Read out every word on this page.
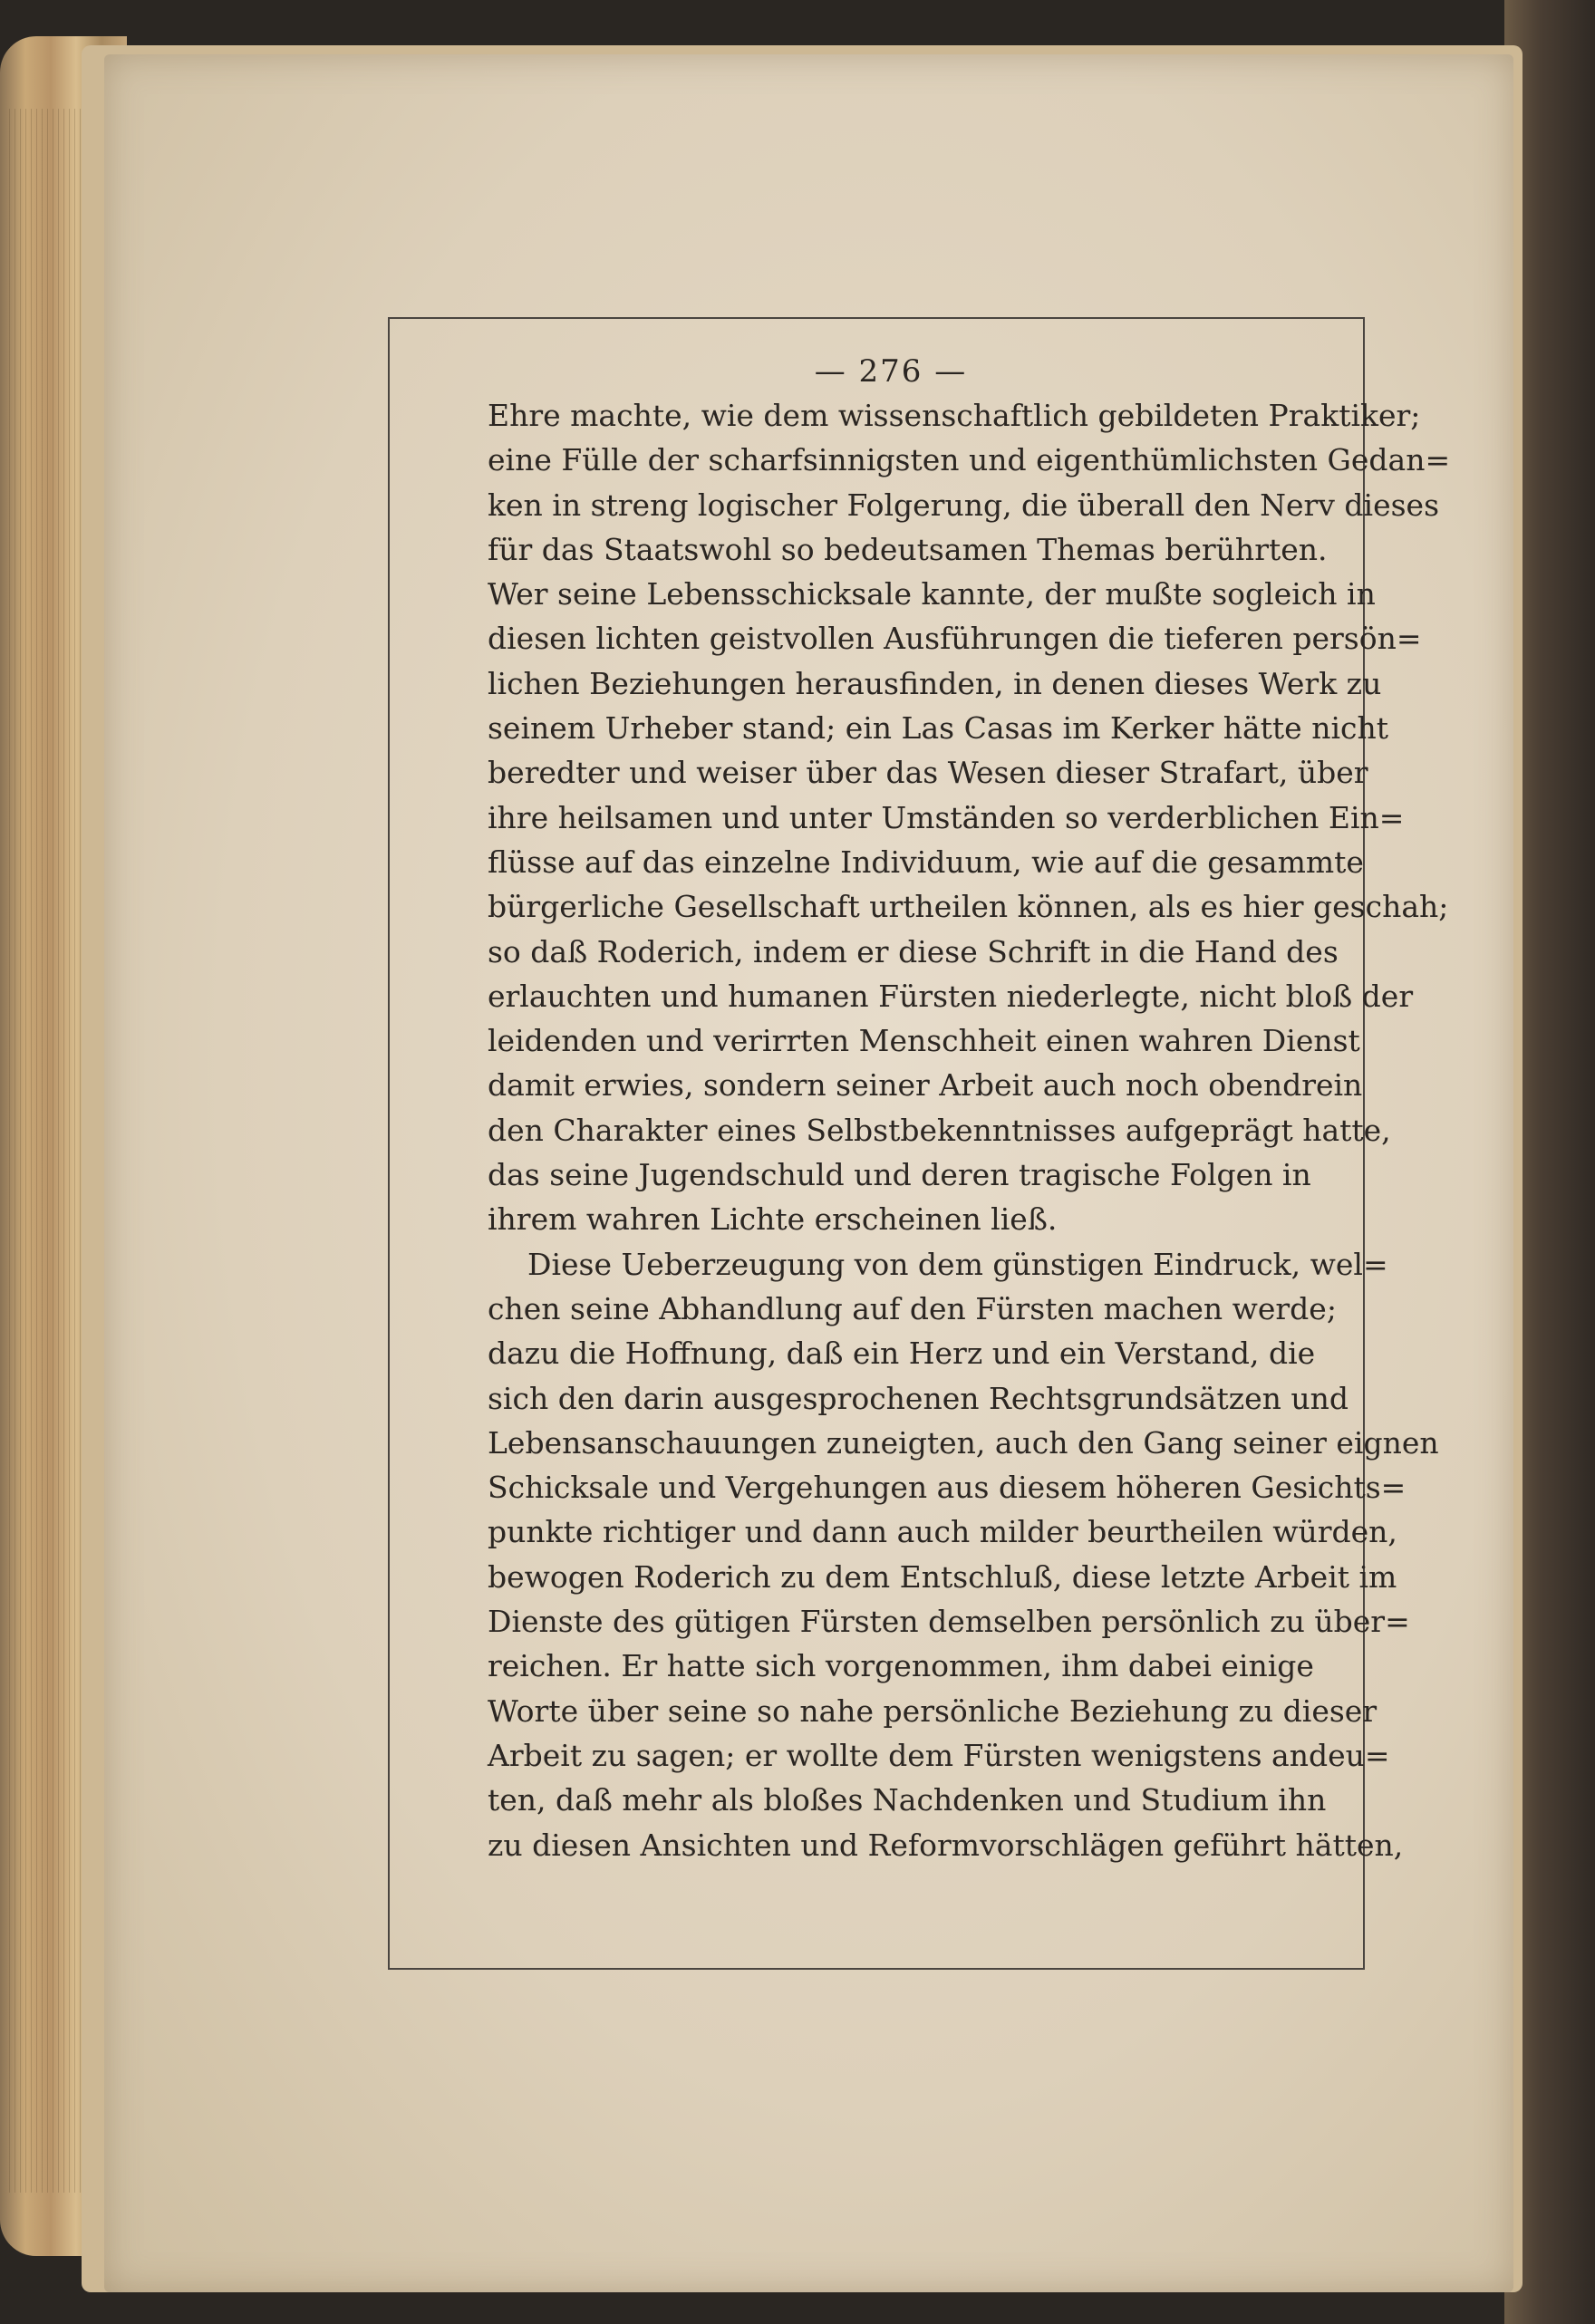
— 276 —
Ehre machte, wie dem wissenschaftlich gebildeten Praktiker;
eine Fülle der scharfsinnigsten und eigenthümlichsten Gedan=
ken in streng logischer Folgerung, die überall den Nerv dieses
für das Staatswohl so bedeutsamen Themas berührten.
Wer seine Lebensschicksale kannte, der mußte sogleich in
diesen lichten geistvollen Ausführungen die tieferen persön=
lichen Beziehungen herausfinden, in denen dieses Werk zu
seinem Urheber stand; ein Las Casas im Kerker hätte nicht
beredter und weiser über das Wesen dieser Strafart, über
ihre heilsamen und unter Umständen so verderblichen Ein=
flüsse auf das einzelne Individuum, wie auf die gesammte
bürgerliche Gesellschaft urtheilen können, als es hier geschah;
so daß Roderich, indem er diese Schrift in die Hand des
erlauchten und humanen Fürsten niederlegte, nicht bloß der
leidenden und verirrten Menschheit einen wahren Dienst
damit erwies, sondern seiner Arbeit auch noch obendrein
den Charakter eines Selbstbekenntnisses aufgeprägt hatte,
das seine Jugendschuld und deren tragische Folgen in
ihrem wahren Lichte erscheinen ließ.
Diese Ueberzeugung von dem günstigen Eindruck, wel=
chen seine Abhandlung auf den Fürsten machen werde;
dazu die Hoffnung, daß ein Herz und ein Verstand, die
sich den darin ausgesprochenen Rechtsgrundsätzen und
Lebensanschauungen zuneigten, auch den Gang seiner eignen
Schicksale und Vergehungen aus diesem höheren Gesichts=
punkte richtiger und dann auch milder beurtheilen würden,
bewogen Roderich zu dem Entschluß, diese letzte Arbeit im
Dienste des gütigen Fürsten demselben persönlich zu über=
reichen. Er hatte sich vorgenommen, ihm dabei einige
Worte über seine so nahe persönliche Beziehung zu dieser
Arbeit zu sagen; er wollte dem Fürsten wenigstens andeu=
ten, daß mehr als bloßes Nachdenken und Studium ihn
zu diesen Ansichten und Reformvorschlägen geführt hätten,
